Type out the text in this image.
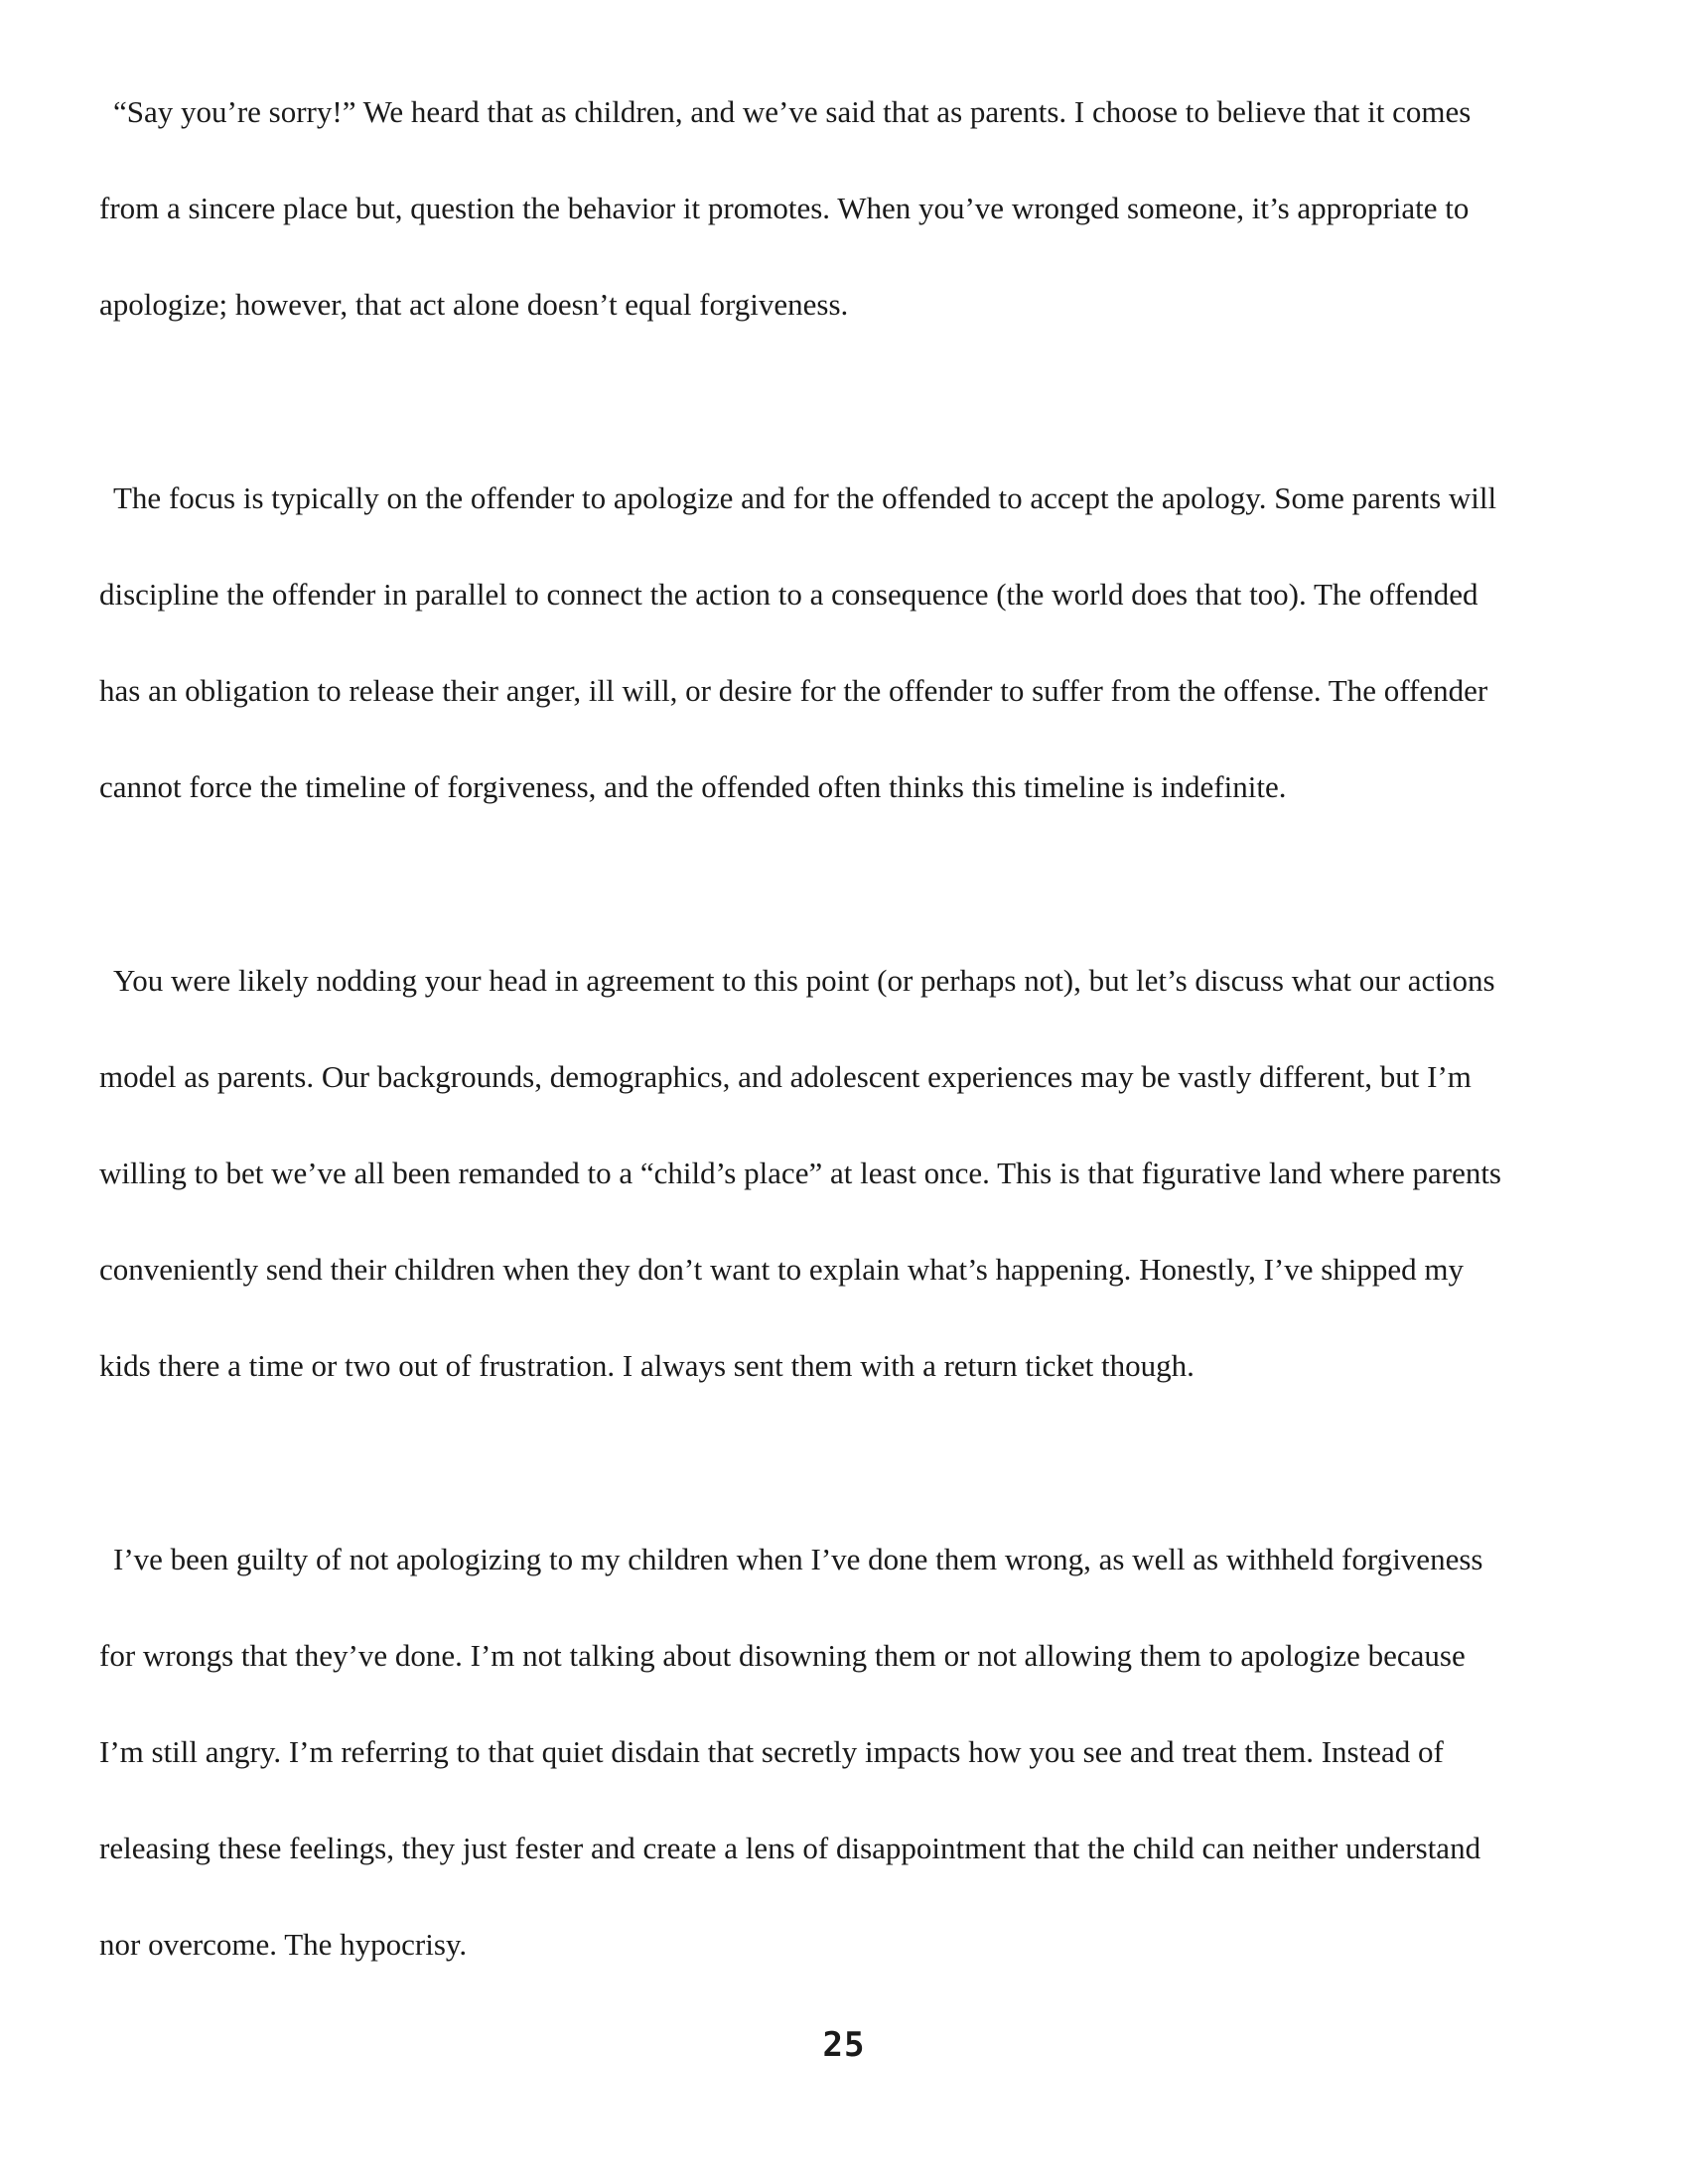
“Say you’re sorry!” We heard that as children, and we’ve said that as parents. I choose to believe that it comes
from a sincere place but, question the behavior it promotes. When you’ve wronged someone, it’s appropriate to
apologize; however, that act alone doesn’t equal forgiveness.
The focus is typically on the offender to apologize and for the offended to accept the apology. Some parents will
discipline the offender in parallel to connect the action to a consequence (the world does that too). The offended
has an obligation to release their anger, ill will, or desire for the offender to suffer from the offense. The offender
cannot force the timeline of forgiveness, and the offended often thinks this timeline is indefinite.
You were likely nodding your head in agreement to this point (or perhaps not), but let’s discuss what our actions
model as parents. Our backgrounds, demographics, and adolescent experiences may be vastly different, but I’m
willing to bet we’ve all been remanded to a “child’s place” at least once. This is that figurative land where parents
conveniently send their children when they don’t want to explain what’s happening. Honestly, I’ve shipped my
kids there a time or two out of frustration. I always sent them with a return ticket though.
I’ve been guilty of not apologizing to my children when I’ve done them wrong, as well as withheld forgiveness
for wrongs that they’ve done. I’m not talking about disowning them or not allowing them to apologize because
I’m still angry. I’m referring to that quiet disdain that secretly impacts how you see and treat them. Instead of
releasing these feelings, they just fester and create a lens of disappointment that the child can neither understand
nor overcome. The hypocrisy.
25
